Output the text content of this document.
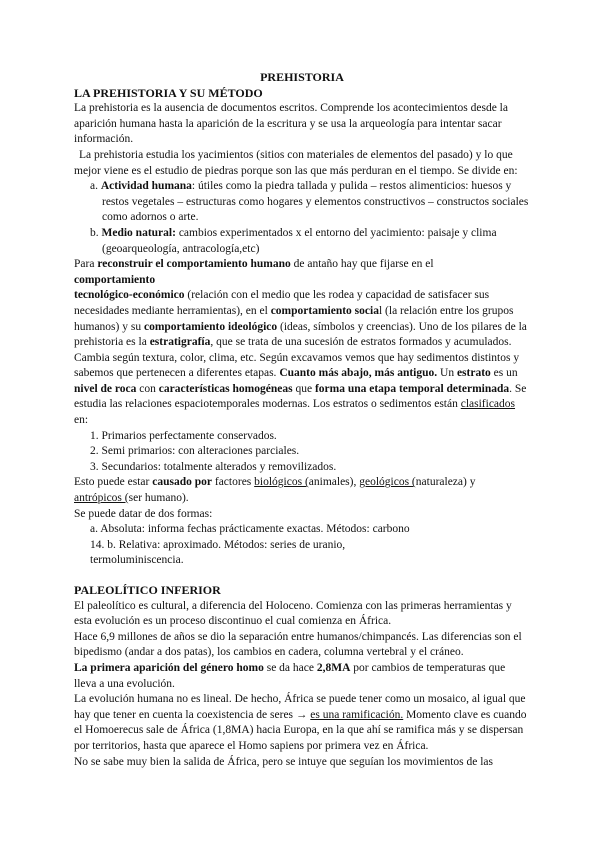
PREHISTORIA

LA PREHISTORIA Y SU MÉTODO

La prehistoria es la ausencia de documentos escritos. Comprende los acontecimientos desde la aparición humana hasta la aparición de la escritura y se usa la arqueología para intentar sacar información.

La prehistoria estudia los yacimientos (sitios con materiales de elementos del pasado) y lo que mejor viene es el estudio de piedras porque son las que más perduran en el tiempo. Se divide en:

a. Actividad humana: útiles como la piedra tallada y pulida – restos alimenticios: huesos y restos vegetales – estructuras como hogares y elementos constructivos – constructos sociales como adornos o arte.

b. Medio natural: cambios experimentados x el entorno del yacimiento: paisaje y clima (geoarqueología, antracología,etc)

Para reconstruir el comportamiento humano de antaño hay que fijarse en el
comportamiento
tecnológico-económico (relación con el medio que les rodea y capacidad de satisfacer sus necesidades mediante herramientas), en el comportamiento social (la relación entre los grupos

humanos) y su comportamiento ideológico (ideas, símbolos y creencias). Uno de los pilares de la prehistoria es la estratigrafía, que se trata de una sucesión de estratos formados y acumulados. Cambia según textura, color, clima, etc. Según excavamos vemos que hay sedimentos distintos y sabemos que pertenecen a diferentes etapas. Cuanto más abajo, más antiguo. Un estrato es un nivel de roca con características homogéneas que forma una etapa temporal determinada. Se estudia las relaciones espaciotemporales modernas. Los estratos o sedimentos están clasificados en:

1. Primarios perfectamente conservados.

2. Semi primarios: con alteraciones parciales.

3. Secundarios: totalmente alterados y removilizados.

Esto puede estar causado por factores biológicos (animales), geológicos (naturaleza) y
antrópicos (ser humano).

Se puede datar de dos formas:

a. Absoluta: informa fechas prácticamente exactas. Métodos: carbono

14. b. Relativa: aproximado. Métodos: series de uranio,

termoluminiscencia.

PALEOLÍTICO INFERIOR

El paleolítico es cultural, a diferencia del Holoceno. Comienza con las primeras herramientas y esta evolución es un proceso discontinuo el cual comienza en África.

Hace 6,9 millones de años se dio la separación entre humanos/chimpancés. Las diferencias son el bipedismo (andar a dos patas), los cambios en cadera, columna vertebral y el cráneo.

La primera aparición del género homo se da hace 2,8MA por cambios de temperaturas que lleva a una evolución.

La evolución humana no es lineal. De hecho, África se puede tener como un mosaico, al igual que hay que tener en cuenta la coexistencia de seres → es una ramificación. Momento clave es cuando el Homoerecus sale de África (1,8MA) hacia Europa, en la que ahí se ramifica más y se dispersan por territorios, hasta que aparece el Homo sapiens por primera vez en África.

No se sabe muy bien la salida de África, pero se intuye que seguían los movimientos de las
